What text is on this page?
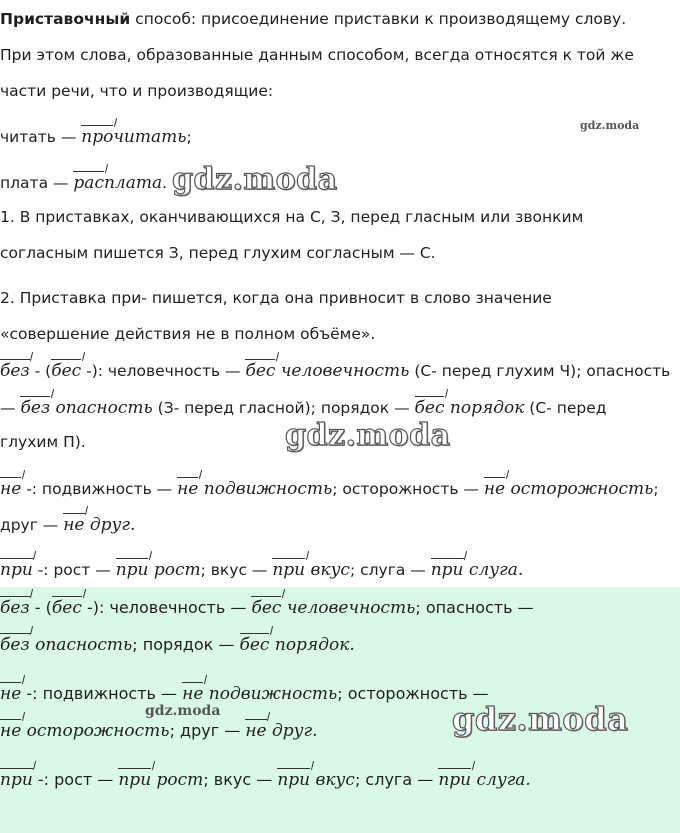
Приставочный способ: присоединение приставки к производящему слову.
При этом слова, образованные данным способом, всегда относятся к той же
части речи, что и производящие:
читать — прочитать;
плата — расплата.
1. В приставках, оканчивающихся на С, З, перед гласным или звонким
согласным пишется З, перед глухим согласным — С.
2. Приставка при- пишется, когда она привносит в слово значение
«совершение действия не в полном объёме».
без - (бес -): человечность — бес человечность (С- перед глухим Ч); опасность
— без опасность (З- перед гласной); порядок — бес порядок (С- перед
глухим П).
не -: подвижность — не подвижность; осторожность — не осторожность;
друг — не друг.
при -: рост — при рост; вкус — при вкус; слуга — при слуга.
без - (бес -): человечность — бес человечность; опасность —
без опасность; порядок — бес порядок.
не -: подвижность — не подвижность; осторожность —
не осторожность; друг — не друг.
при -: рост — при рост; вкус — при вкус; слуга — при слуга.
gdz.moda
gdz.moda
gdz.moda
gdz.moda	gdz.moda
